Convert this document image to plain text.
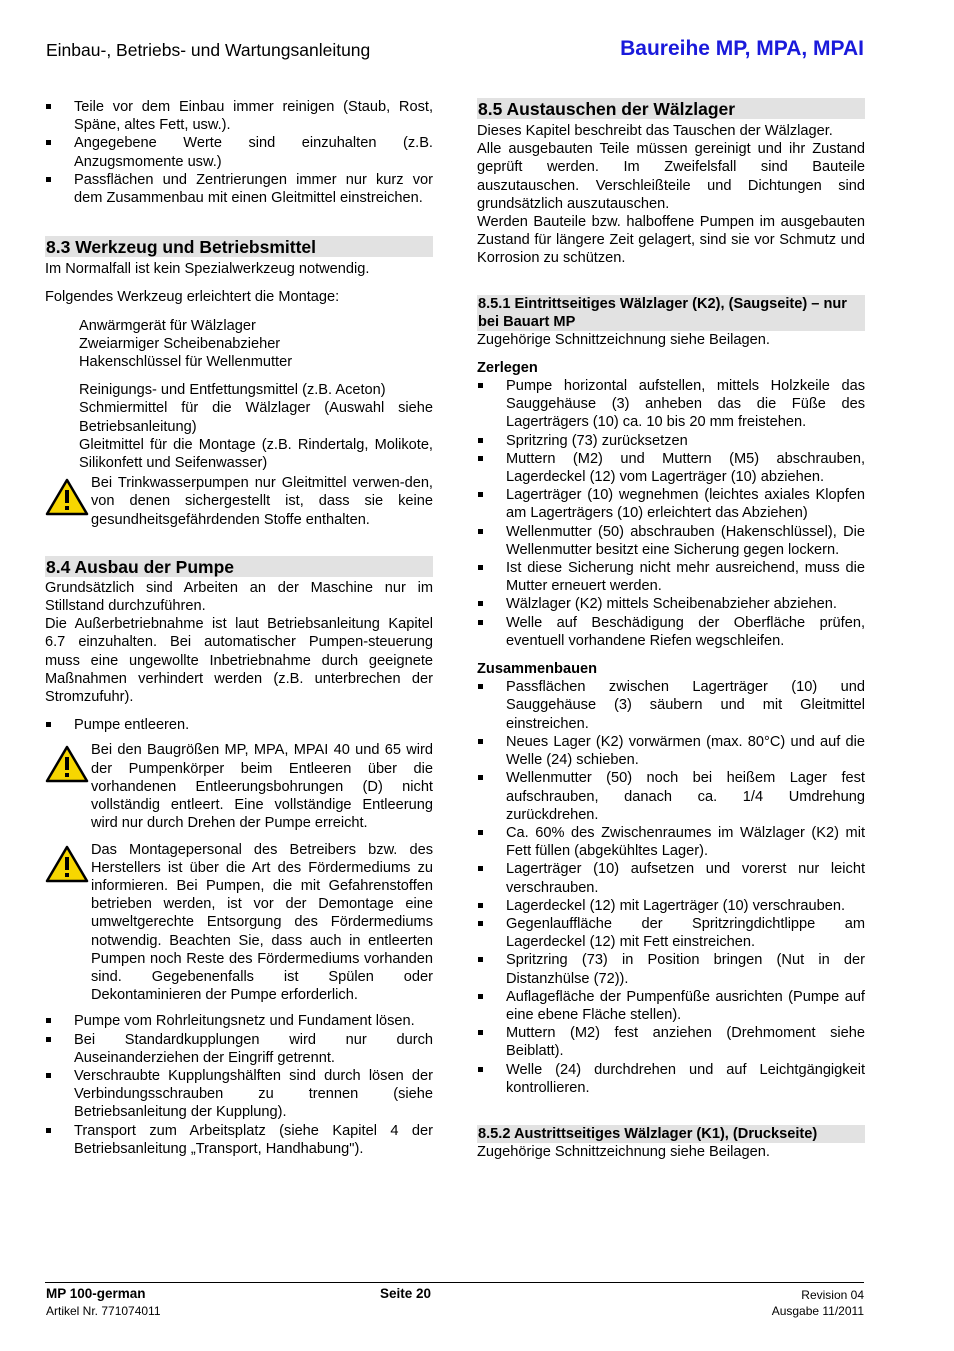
Einbau-, Betriebs- und Wartungsanleitung	Baureihe MP, MPA, MPAI
Teile vor dem Einbau immer reinigen (Staub, Rost, Späne, altes Fett, usw.).
Angegebene Werte sind einzuhalten (z.B. Anzugsmomente usw.)
Passflächen und Zentrierungen immer nur kurz vor dem Zusammenbau mit einen Gleitmittel einstreichen.
8.3 Werkzeug und Betriebsmittel

Im Normalfall ist kein Spezialwerkzeug notwendig.

Folgendes Werkzeug erleichtert die Montage:

Anwärmgerät für Wälzlager

Zweiarmiger Scheibenabzieher

Hakenschlüssel für Wellenmutter

Reinigungs- und Entfettungsmittel (z.B. Aceton)

Schmiermittel für die Wälzlager (Auswahl siehe Betriebsanleitung)

Gleitmittel für die Montage (z.B. Rindertalg, Molikote, Silikonfett und Seifenwasser)

Bei Trinkwasserpumpen nur Gleitmittel verwen-den, von denen sichergestellt ist, dass sie keine gesundheitsgefährdenden Stoffe enthalten.

8.4 Ausbau der Pumpe

Grundsätzlich sind Arbeiten an der Maschine nur im Stillstand durchzuführen.

Die Außerbetriebnahme ist laut Betriebsanleitung Kapitel 6.7 einzuhalten. Bei automatischer Pumpen-steuerung muss eine ungewollte Inbetriebnahme durch geeignete Maßnahmen verhindert werden (z.B. unterbrechen der Stromzufuhr).

Pumpe entleeren.

Bei den Baugrößen MP, MPA, MPAI 40 und 65 wird der Pumpenkörper beim Entleeren über die vorhandenen Entleerungsbohrungen (D) nicht vollständig entleert. Eine vollständige Entleerung wird nur durch Drehen der Pumpe erreicht.

Das Montagepersonal des Betreibers bzw. des Herstellers ist über die Art des Fördermediums zu informieren. Bei Pumpen, die mit Gefahrenstoffen betrieben werden, ist vor der Demontage eine umweltgerechte Entsorgung des Fördermediums notwendig. Beachten Sie, dass auch in entleerten Pumpen noch Reste des Fördermediums vorhanden sind. Gegebenenfalls ist Spülen oder Dekontaminieren der Pumpe erforderlich.

Pumpe vom Rohrleitungsnetz und Fundament lösen.
Bei Standardkupplungen wird nur durch Auseinanderziehen der Eingriff getrennt.
Verschraubte Kupplungshälften sind durch lösen der Verbindungsschrauben zu trennen (siehe Betriebsanleitung der Kupplung).
Transport zum Arbeitsplatz (siehe Kapitel 4 der Betriebsanleitung „Transport, Handhabung").
8.5 Austauschen der Wälzlager

Dieses Kapitel beschreibt das Tauschen der Wälzlager.

Alle ausgebauten Teile müssen gereinigt und ihr Zustand geprüft werden. Im Zweifelsfall sind Bauteile auszutauschen. Verschleißteile und Dichtungen sind grundsätzlich auszutauschen.

Werden Bauteile bzw. halboffene Pumpen im ausgebauten Zustand für längere Zeit gelagert, sind sie vor Schmutz und Korrosion zu schützen.

8.5.1 Eintrittseitiges Wälzlager (K2), (Saugseite) – nur bei Bauart MP

Zugehörige Schnittzeichnung siehe Beilagen.

Zerlegen

Pumpe horizontal aufstellen, mittels Holzkeile das Sauggehäuse (3) anheben das die Füße des Lagerträgers (10) ca. 10 bis 20 mm freistehen.
Spritzring (73) zurücksetzen
Muttern (M2) und Muttern (M5) abschrauben, Lagerdeckel (12) vom Lagerträger (10) abziehen.
Lagerträger (10) wegnehmen (leichtes axiales Klopfen am Lagerträgers (10) erleichtert das Abziehen)
Wellenmutter (50) abschrauben (Hakenschlüssel), Die Wellenmutter besitzt eine Sicherung gegen lockern.
Ist diese Sicherung nicht mehr ausreichend, muss die Mutter erneuert werden.
Wälzlager (K2) mittels Scheibenabzieher abziehen.
Welle auf Beschädigung der Oberfläche prüfen, eventuell vorhandene Riefen wegschleifen.

Zusammenbauen

Passflächen zwischen Lagerträger (10) und Sauggehäuse (3) säubern und mit Gleitmittel einstreichen.
Neues Lager (K2) vorwärmen (max. 80°C) und auf die Welle (24) schieben.
Wellenmutter (50) noch bei heißem Lager fest aufschrauben, danach ca. 1/4 Umdrehung zurückdrehen.
Ca. 60% des Zwischenraumes im Wälzlager (K2) mit Fett füllen (abgekühltes Lager).
Lagerträger (10) aufsetzen und vorerst nur leicht verschrauben.
Lagerdeckel (12) mit Lagerträger (10) verschrauben.
Gegenlauffläche der Spritzringdichtlippe am Lagerdeckel (12) mit Fett einstreichen.
Spritzring (73) in Position bringen (Nut in der Distanzhülse (72)).
Auflagefläche der Pumpenfüße ausrichten (Pumpe auf eine ebene Fläche stellen).
Muttern (M2) fest anziehen (Drehmoment siehe Beiblatt).
Welle (24) durchdrehen und auf Leichtgängigkeit kontrollieren.
8.5.2 Austrittseitiges Wälzlager (K1), (Druckseite)

Zugehörige Schnittzeichnung siehe Beilagen.

MP 100-german
Artikel Nr. 771074011
Seite 20	Revision 04
Ausgabe 11/2011
